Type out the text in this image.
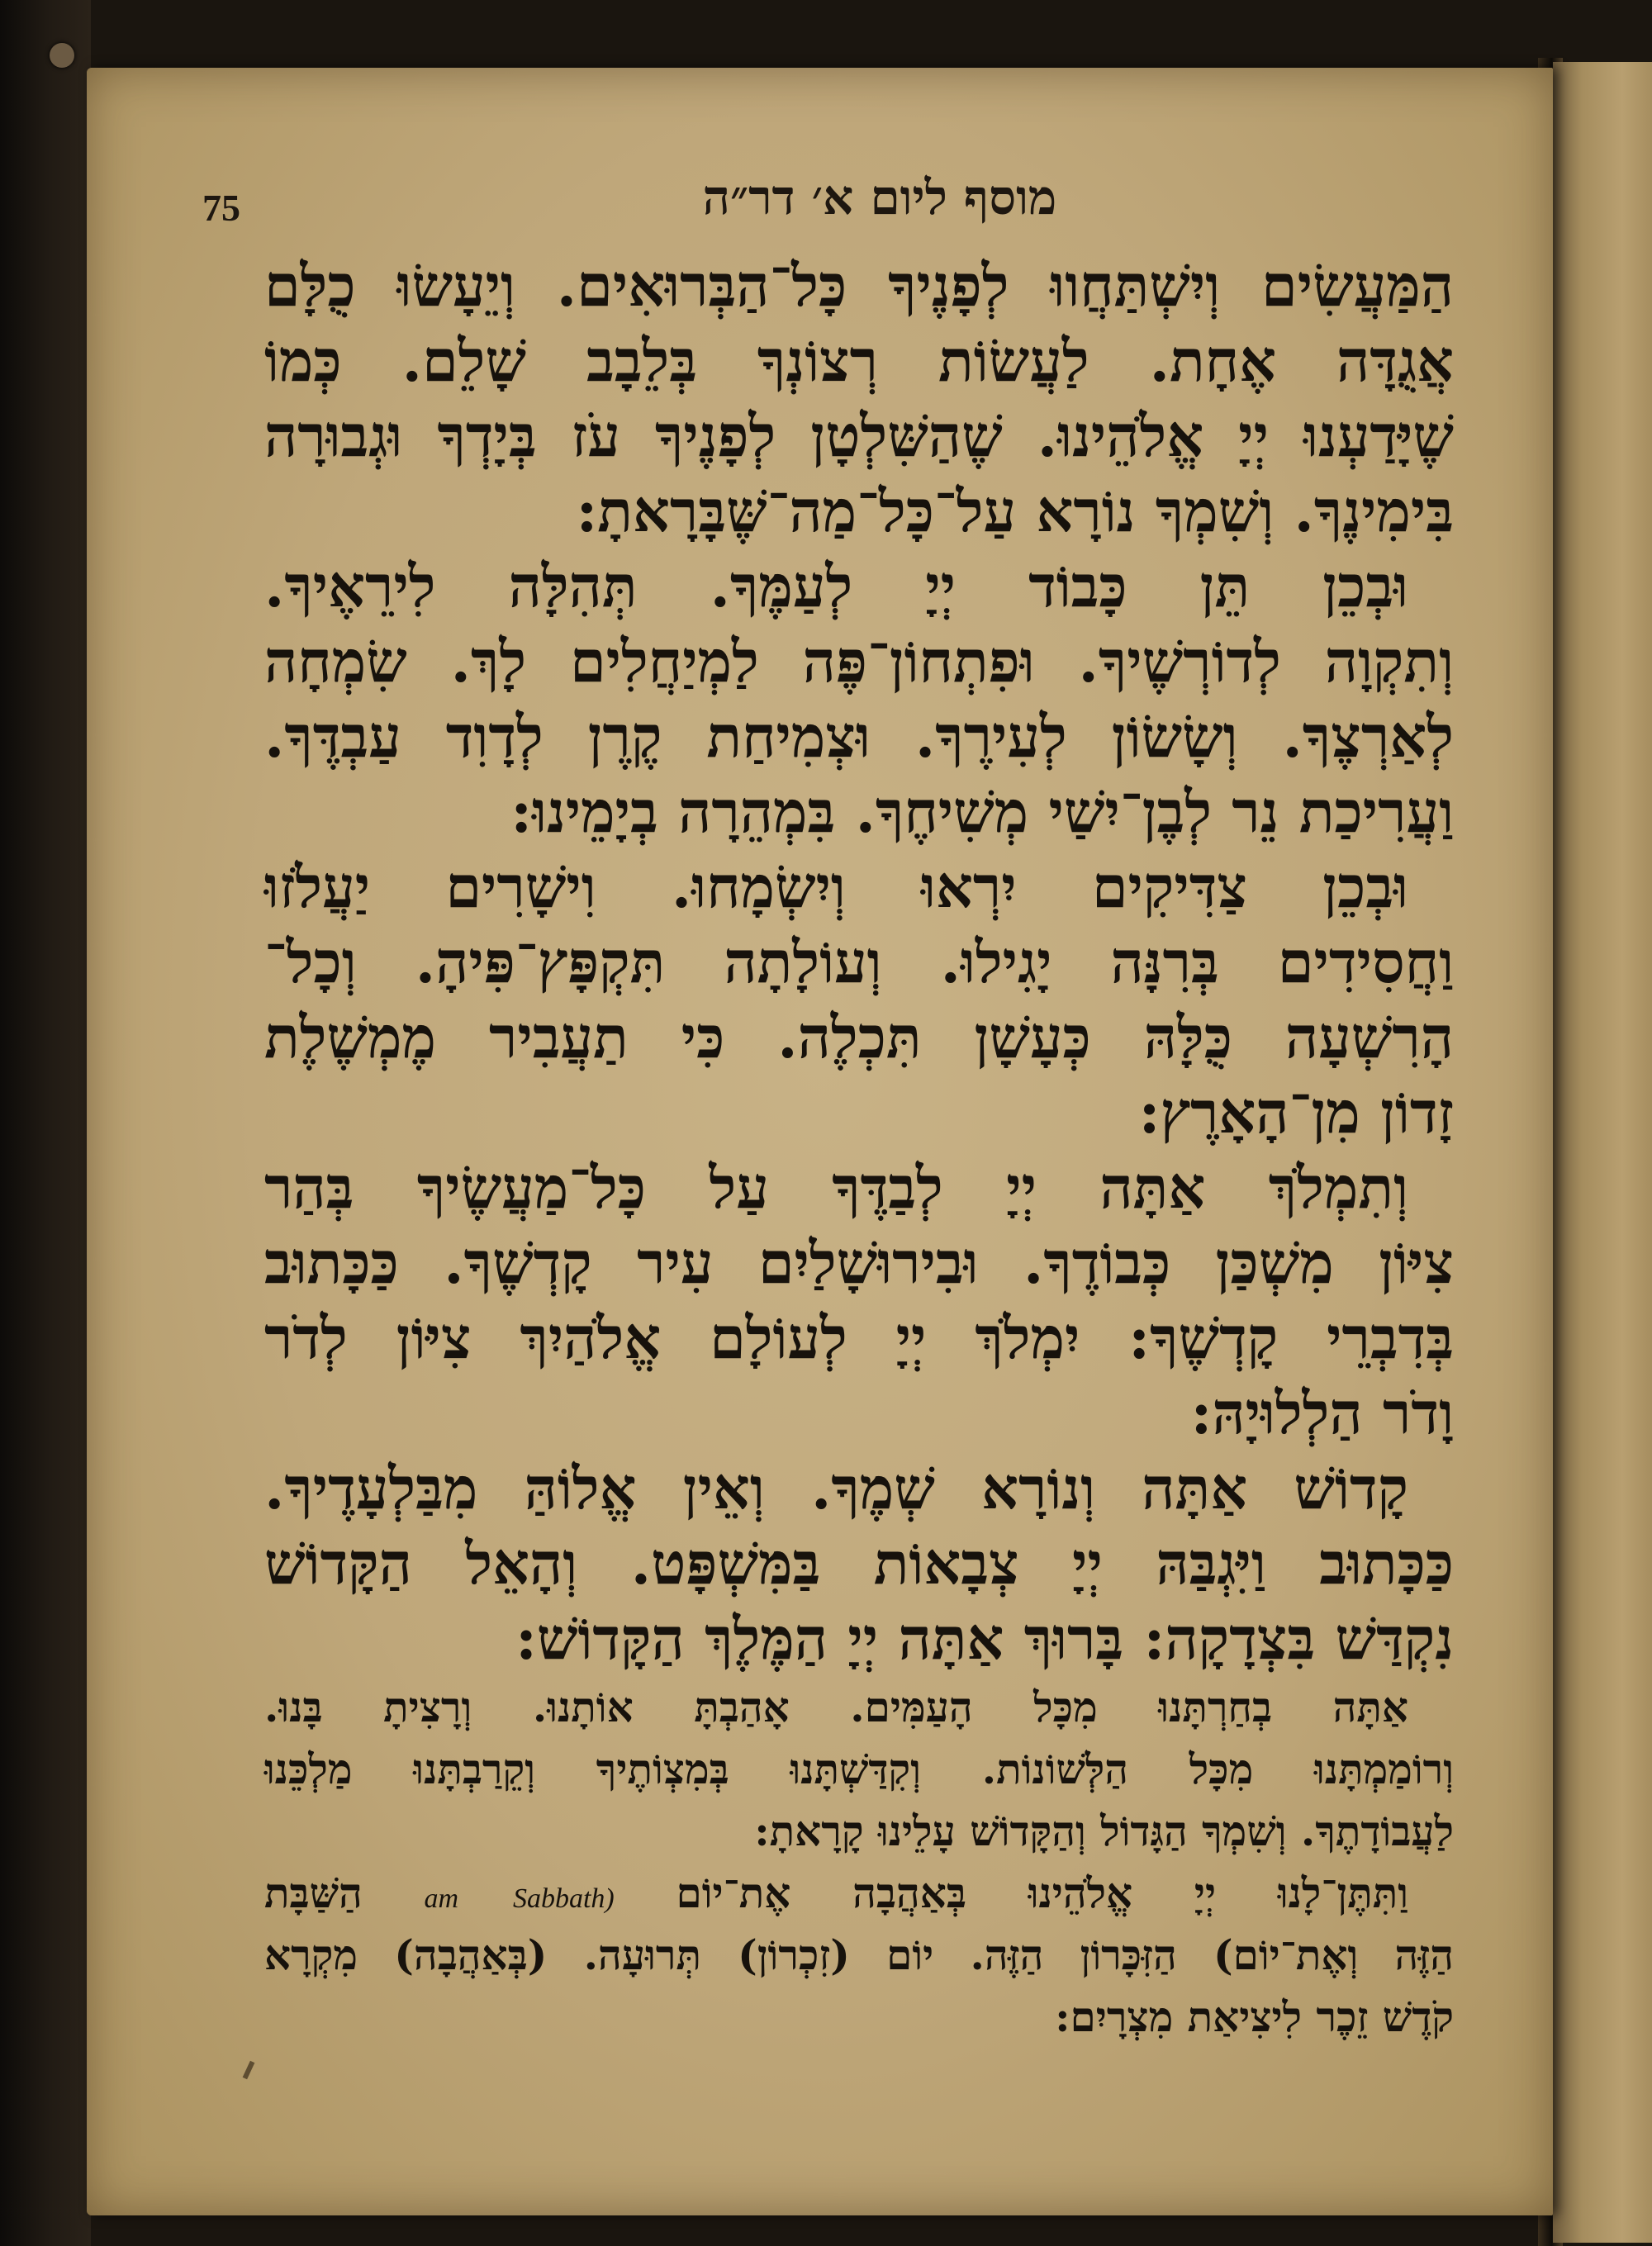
75	מוסף ליום א׳ דר״ה
הַמַּעֲשִׂים וְיִשְׁתַּחֲווּ לְפָנֶיךָ כָּל־הַבְּרוּאִים. וְיֵעָשׂוּ כֻלָּם
אֲגֻדָּה אֶחָת. לַעֲשׂוֹת רְצוֹנְךָ בְּלֵבָב שָׁלֵם. כְּמוֹ
שֶׁיָּדַעְנוּ יְיָ אֱלֹהֵינוּ. שֶׁהַשִּׁלְטָן לְפָנֶיךָ עֹז בְּיָדְךָ וּגְבוּרָה
בִּימִינֶךָ. וְשִׁמְךָ נוֹרָא עַל־כָּל־מַה־שֶּׁבָּרָאתָ:
וּבְכֵן תֵּן כָּבוֹד יְיָ לְעַמֶּךָ. תְּהִלָּה לִירֵאֶיךָ.
וְתִקְוָה לְדוֹרְשֶׁיךָ. וּפִתְחוֹן־פֶּה לַמְיַחֲלִים לָךְ. שִׂמְחָה
לְאַרְצֶךָ. וְשָׂשׂוֹן לְעִירֶךָ. וּצְמִיחַת קֶרֶן לְדָוִד עַבְדֶּךָ.
וַעֲרִיכַת נֵר לְבֶן־יִשַׁי מְשִׁיחֶךָ. בִּמְהֵרָה בְיָמֵינוּ:
וּבְכֵן צַדִּיקִים יִרְאוּ וְיִשְׂמָחוּ. וִישָׁרִים יַעֲלֹזוּ
וַחֲסִידִים בְּרִנָּה יָגִילוּ. וְעוֹלָתָה תִּקְפָּץ־פִּיהָ. וְכָל־
הָרִשְׁעָה כֻּלָּהּ כְּעָשָׁן תִּכְלֶה. כִּי תַעֲבִיר מֶמְשֶׁלֶת
זָדוֹן מִן־הָאָרֶץ:
וְתִמְלֹךְ אַתָּה יְיָ לְבַדֶּךָ עַל כָּל־מַעֲשֶׂיךָ בְּהַר
צִיּוֹן מִשְׁכַּן כְּבוֹדֶךָ. וּבִירוּשָׁלַיִם עִיר קָדְשֶׁךָ. כַּכָּתוּב
בְּדִבְרֵי קָדְשֶׁךָ: יִמְלֹךְ יְיָ לְעוֹלָם אֱלֹהַיִךְ צִיּוֹן לְדֹר
וָדֹר הַלְלוּיָהּ:
קָדוֹשׁ אַתָּה וְנוֹרָא שְׁמֶךָ. וְאֵין אֱלוֹהַּ מִבַּלְעָדֶיךָ.
כַּכָּתוּב וַיִּגְבַּהּ יְיָ צְבָאוֹת בַּמִּשְׁפָּט. וְהָאֵל הַקָּדוֹשׁ
נִקְדַּשׁ בִּצְדָקָה: בָּרוּךְ אַתָּה יְיָ הַמֶּלֶךְ הַקָּדוֹשׁ:
אַתָּה בְחַרְתָּנוּ מִכָּל הָעַמִּים. אָהַבְתָּ אוֹתָנוּ. וְרָצִיתָ בָּנוּ.
וְרוֹמַמְתָּנוּ מִכָּל הַלְּשׁוֹנוֹת. וְקִדַּשְׁתָּנוּ בְּמִצְוֹתֶיךָ וְקֵרַבְתָּנוּ מַלְכֵּנוּ
לַעֲבוֹדָתֶךָ. וְשִׁמְךָ הַגָּדוֹל וְהַקָּדוֹשׁ עָלֵינוּ קָרָאתָ:
וַתִּתֶּן־לָנוּ יְיָ אֱלֹהֵינוּ בְּאַהֲבָה אֶת־יוֹם am Sabbath) הַשַּׁבָּת
הַזֶּה וְאֶת־יוֹם) הַזִּכָּרוֹן הַזֶּה. יוֹם (זִכְרוֹן) תְּרוּעָה. (בְּאַהֲבָה) מִקְרָא
קֹדֶשׁ זֵכֶר לִיצִיאַת מִצְרָיִם:
